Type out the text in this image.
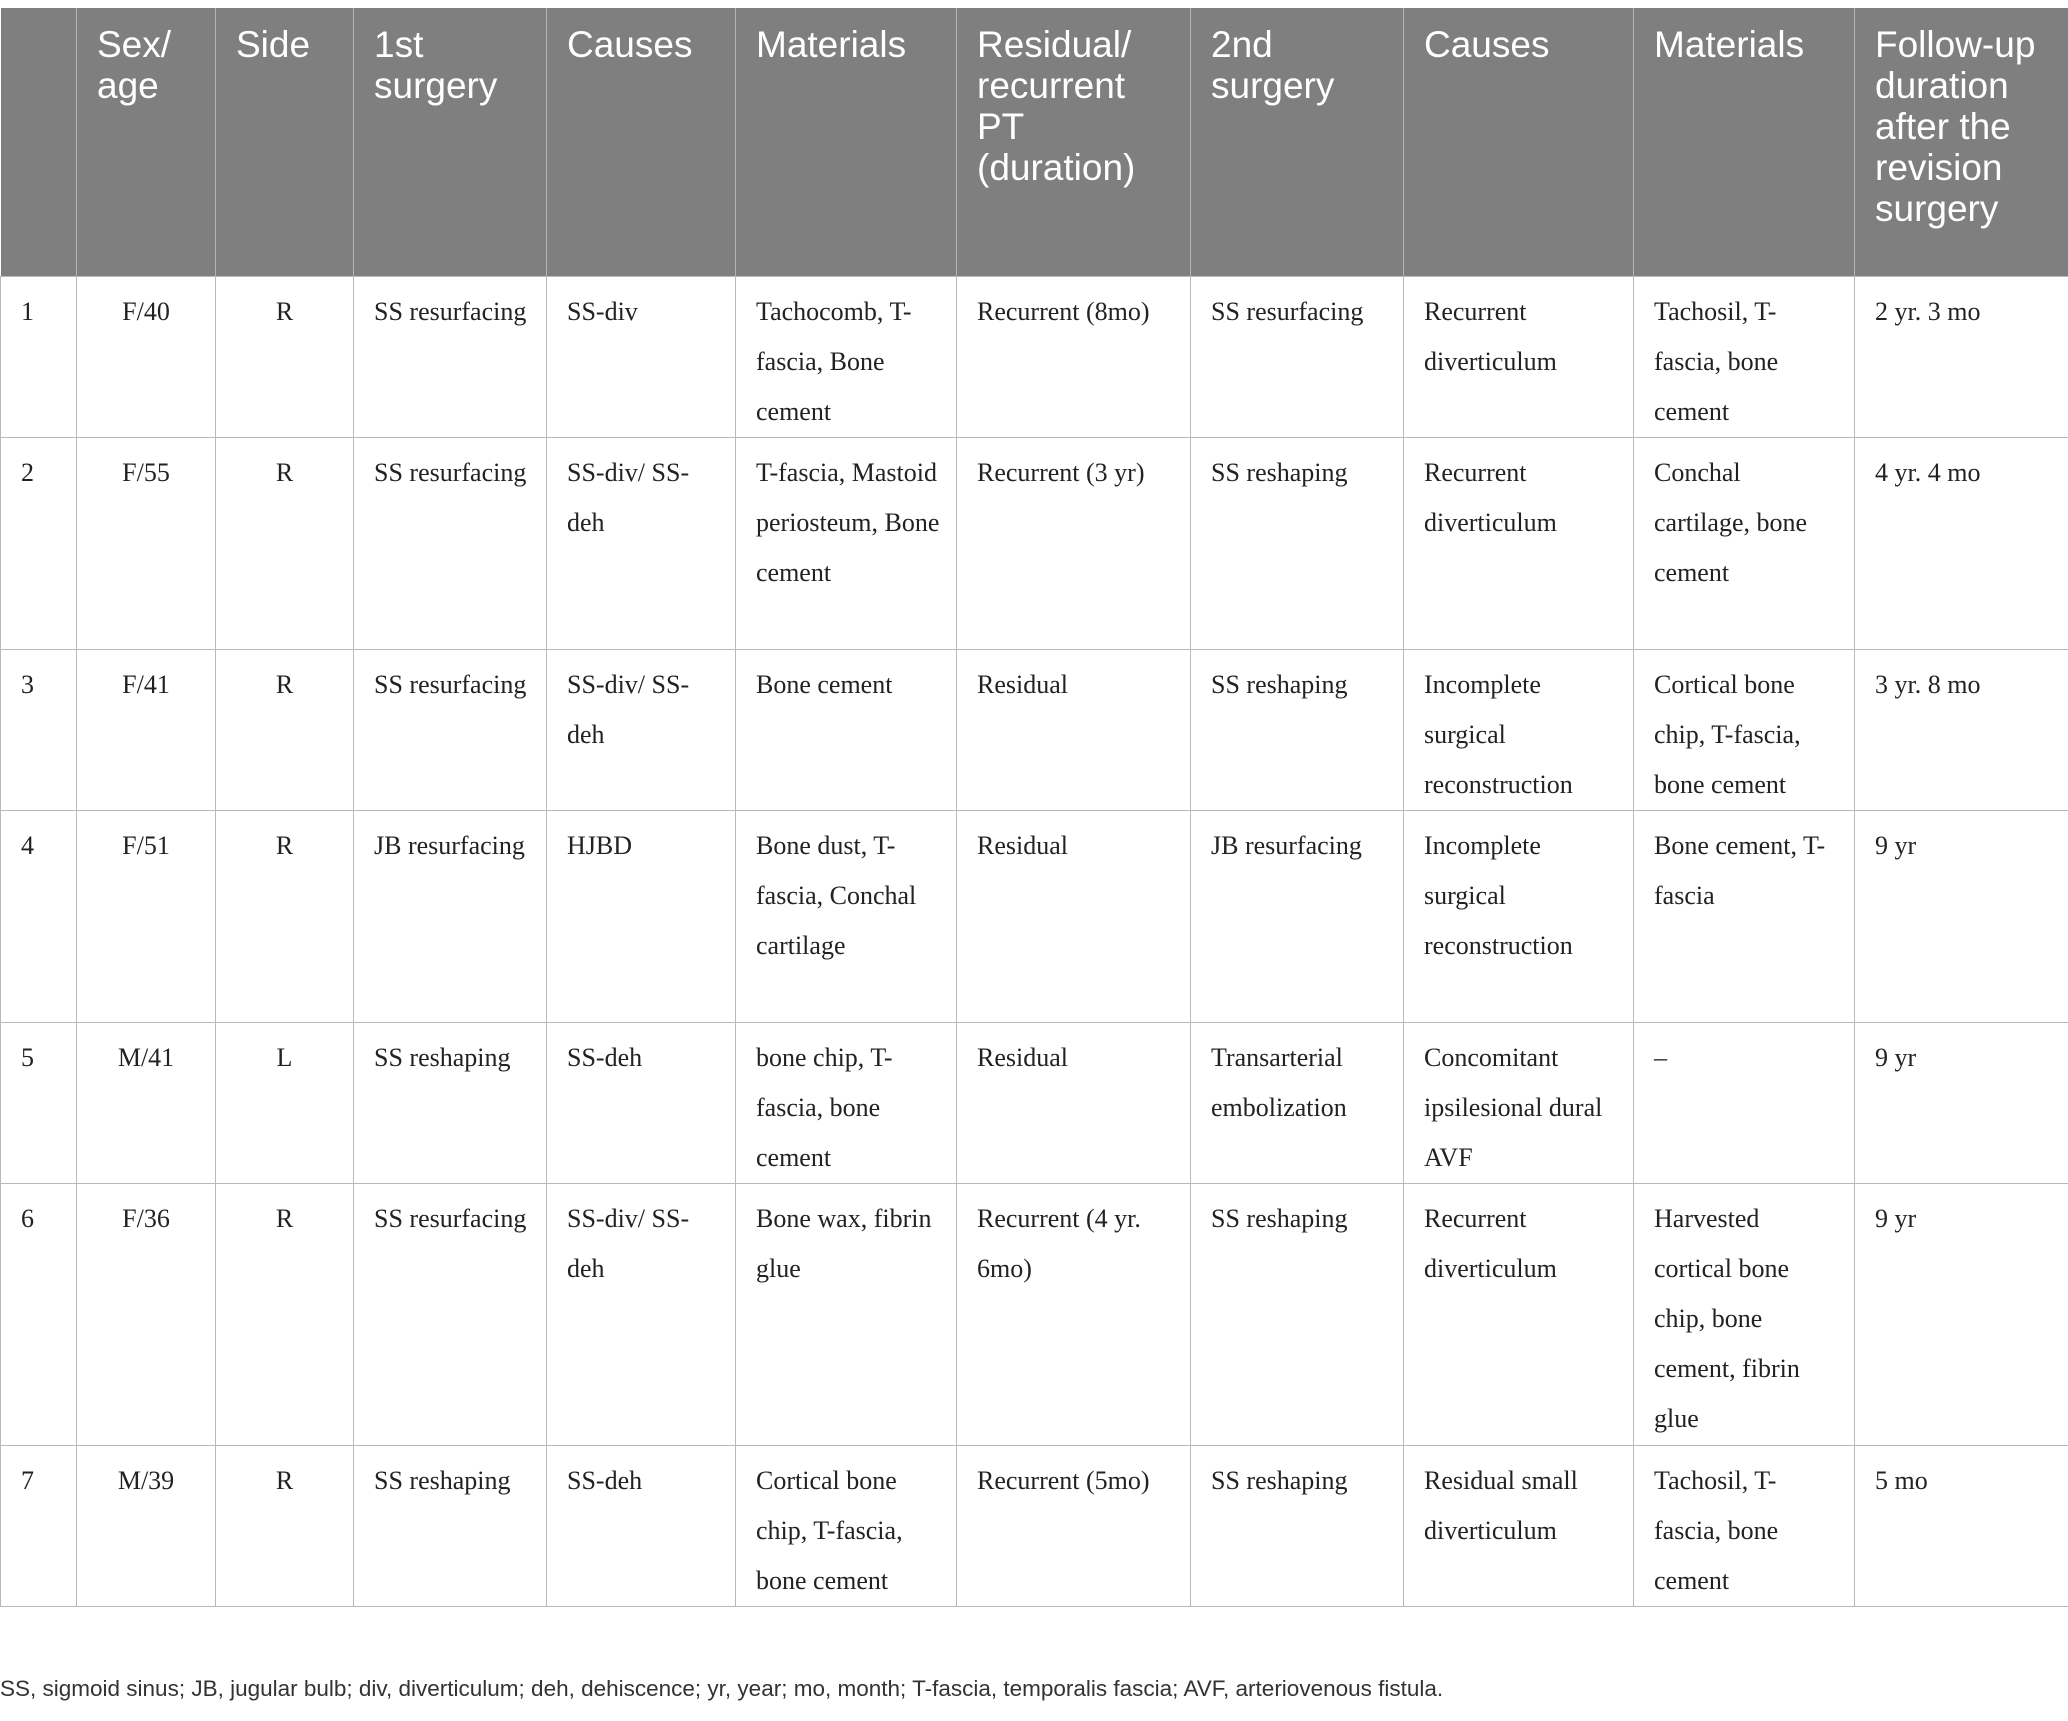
	Sex/ age	Side	1st surgery	Causes	Materials	Residual/ recurrent PT (duration)	2nd surgery	Causes	Materials	Follow-up duration after the revision surgery
1	F/40	R	SS resurfacing	SS-div	Tachocomb, T-fascia, Bone cement	Recurrent (8mo)	SS resurfacing	Recurrent diverticulum	Tachosil, T-fascia, bone cement	2 yr. 3 mo
2	F/55	R	SS resurfacing	SS-div/ SS-deh	T-fascia, Mastoid periosteum, Bone cement	Recurrent (3 yr)	SS reshaping	Recurrent diverticulum	Conchal cartilage, bone cement	4 yr. 4 mo
3	F/41	R	SS resurfacing	SS-div/ SS-deh	Bone cement	Residual	SS reshaping	Incomplete surgical reconstruction	Cortical bone chip, T-fascia, bone cement	3 yr. 8 mo
4	F/51	R	JB resurfacing	HJBD	Bone dust, T-fascia, Conchal cartilage	Residual	JB resurfacing	Incomplete surgical reconstruction	Bone cement, T-fascia	9 yr
5	M/41	L	SS reshaping	SS-deh	bone chip, T-fascia, bone cement	Residual	Transarterial embolization	Concomitant ipsilesional dural AVF	–	9 yr
6	F/36	R	SS resurfacing	SS-div/ SS-deh	Bone wax, fibrin glue	Recurrent (4 yr. 6mo)	SS reshaping	Recurrent diverticulum	Harvested cortical bone chip, bone cement, fibrin glue	9 yr
7	M/39	R	SS reshaping	SS-deh	Cortical bone chip, T-fascia, bone cement	Recurrent (5mo)	SS reshaping	Residual small diverticulum	Tachosil, T-fascia, bone cement	5 mo
SS, sigmoid sinus; JB, jugular bulb; div, diverticulum; deh, dehiscence; yr, year; mo, month; T-fascia, temporalis fascia; AVF, arteriovenous fistula.
